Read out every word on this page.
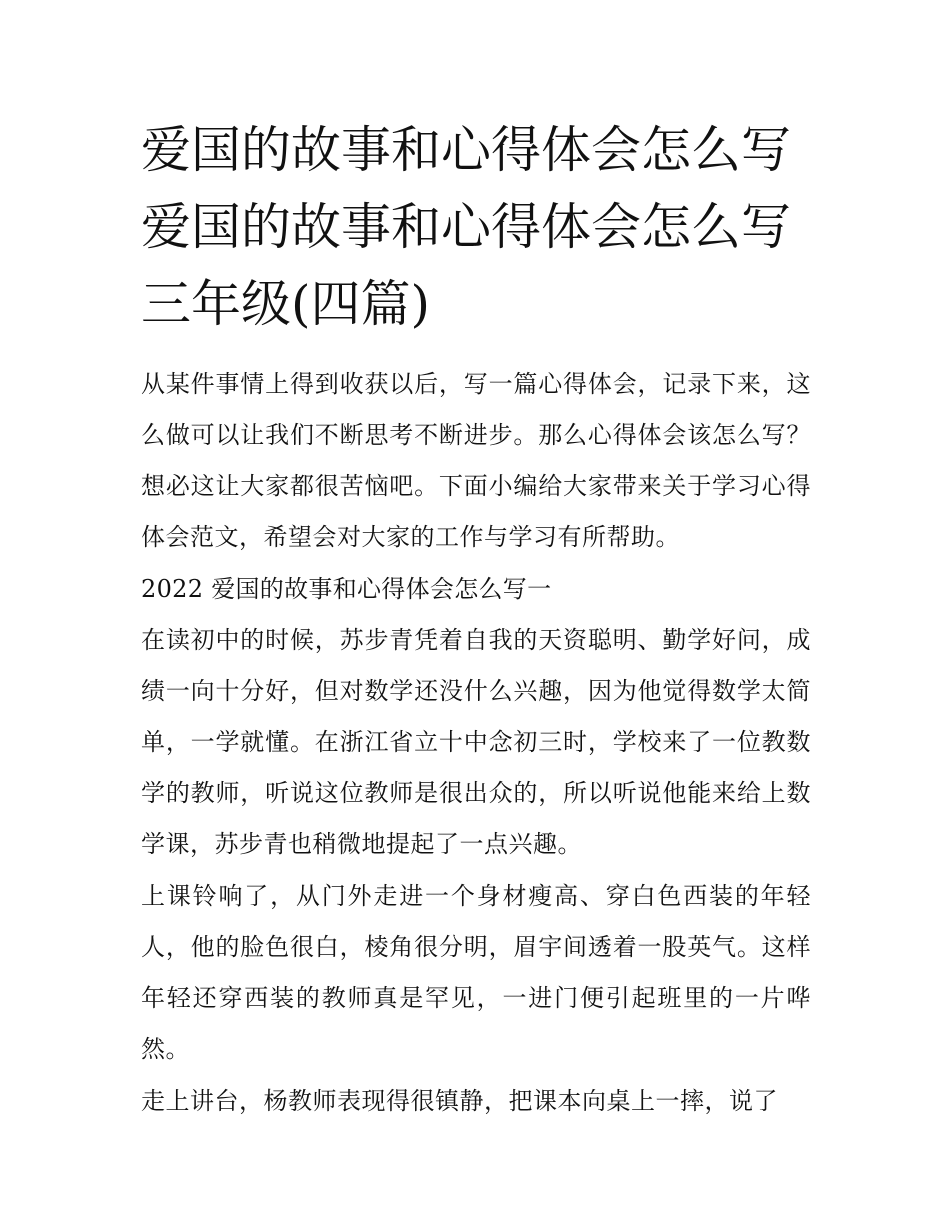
爱国的故事和心得体会怎么写
爱国的故事和心得体会怎么写
三年级(四篇)

从某件事情上得到收获以后，写一篇心得体会，记录下来，这么做可以让我们不断思考不断进步。那么心得体会该怎么写？想必这让大家都很苦恼吧。下面小编给大家带来关于学习心得体会范文，希望会对大家的工作与学习有所帮助。

2022 爱国的故事和心得体会怎么写一

在读初中的时候，苏步青凭着自我的天资聪明、勤学好问，成绩一向十分好，但对数学还没什么兴趣，因为他觉得数学太简单，一学就懂。在浙江省立十中念初三时，学校来了一位教数学的教师，听说这位教师是很出众的，所以听说他能来给上数学课，苏步青也稍微地提起了一点兴趣。

上课铃响了，从门外走进一个身材瘦高、穿白色西装的年轻人，他的脸色很白，棱角很分明，眉宇间透着一股英气。这样年轻还穿西装的教师真是罕见，一进门便引起班里的一片哗然。

走上讲台，杨教师表现得很镇静，把课本向桌上一摔，说了
